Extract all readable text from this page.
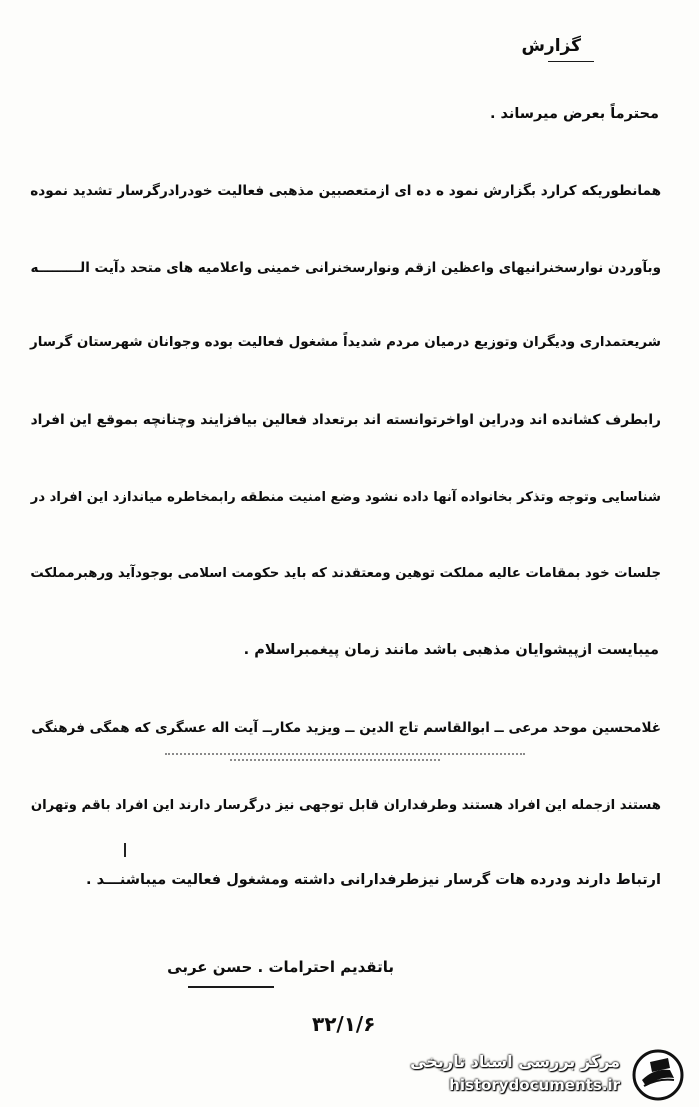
گزارش
محترماً بعرض میرساند .
همانطوریکه کرارد بگزارش نمود ه ده ای ازمتعصبین مذهبی فعالیت خودرادرگرسار تشدید نموده
وبآوردن نوارسخنرانیهای واعظین ازقم ونوارسخنرانی خمینی واعلامیه های متحد دآیت الـــــــــه
شریعتمداری ودیگران وتوزیع درمیان مردم شدیداً مشغول فعالیت بوده وجوانان شهرستان گرسار
رابطرف کشانده اند ودراین اواخرتوانسته اند برتعداد فعالین بیافزایند وچنانچه بموقع این افراد
شناسایی وتوجه وتذکر بخانواده آنها داده نشود وضع امنیت منطقه رابمخاطره میاندازد این افراد در
جلسات خود بمقامات عالیه مملکت توهین ومعتقدند که باید حکومت اسلامی بوجودآید ورهبرمملکت
میبایست ازپیشوایان مذهبی باشد مانند زمان پیغمبراسلام .
غلامحسین موحد مرعی ــ ابوالقاسم تاج الدین ــ ویزید مکارــ آیت اله عسگری که همگی فرهنگی
هستند ازجمله این افراد هستند وطرفداران قابل توجهی نیز درگرسار دارند این افراد باقم وتهران
ارتباط دارند ودرده هات گرسار نیزطرفدارانی داشته ومشغول فعالیت میباشنـــد .
باتقدیم احترامات . حسن عربی
۳۲/۱/۶
مرکز بررسی اسناد تاریخی
historydocuments.ir
